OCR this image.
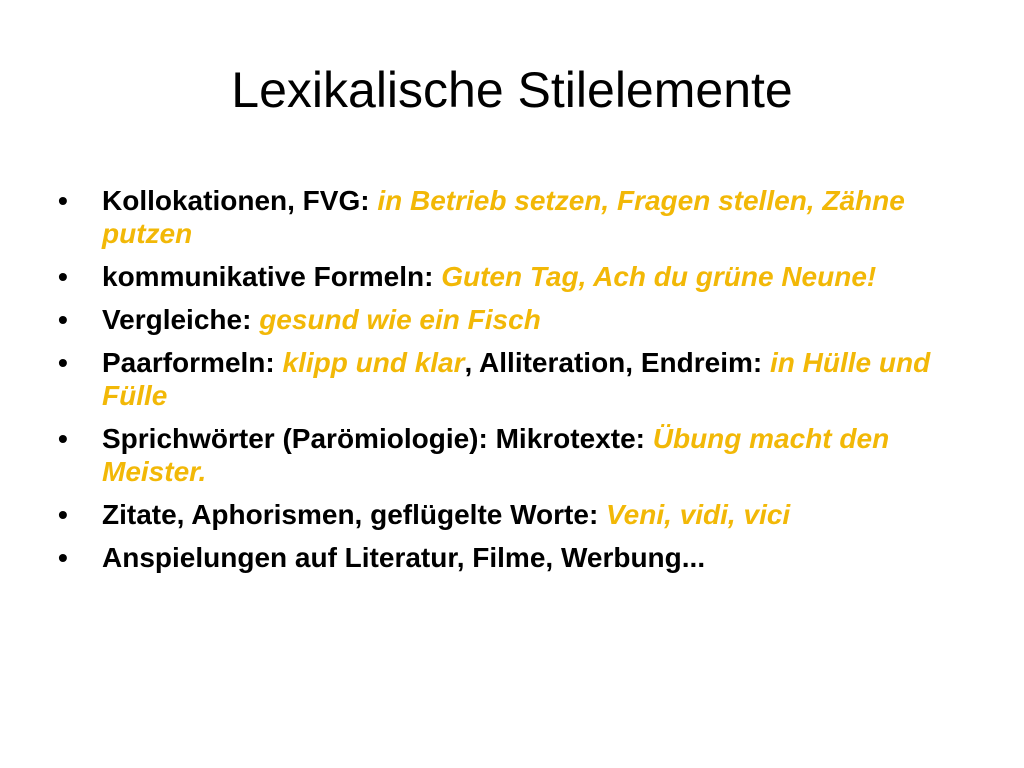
Lexikalische Stilelemente
•	Kollokationen, FVG: in Betrieb setzen, Fragen stellen, Zähne putzen
•	kommunikative Formeln: Guten Tag, Ach du grüne Neune!
•	Vergleiche: gesund wie ein Fisch
•	Paarformeln: klipp und klar, Alliteration, Endreim: in Hülle und Fülle
•	Sprichwörter (Parömiologie): Mikrotexte: Übung macht den Meister.
•	Zitate, Aphorismen, geflügelte Worte: Veni, vidi, vici
•	Anspielungen auf Literatur, Filme, Werbung...
